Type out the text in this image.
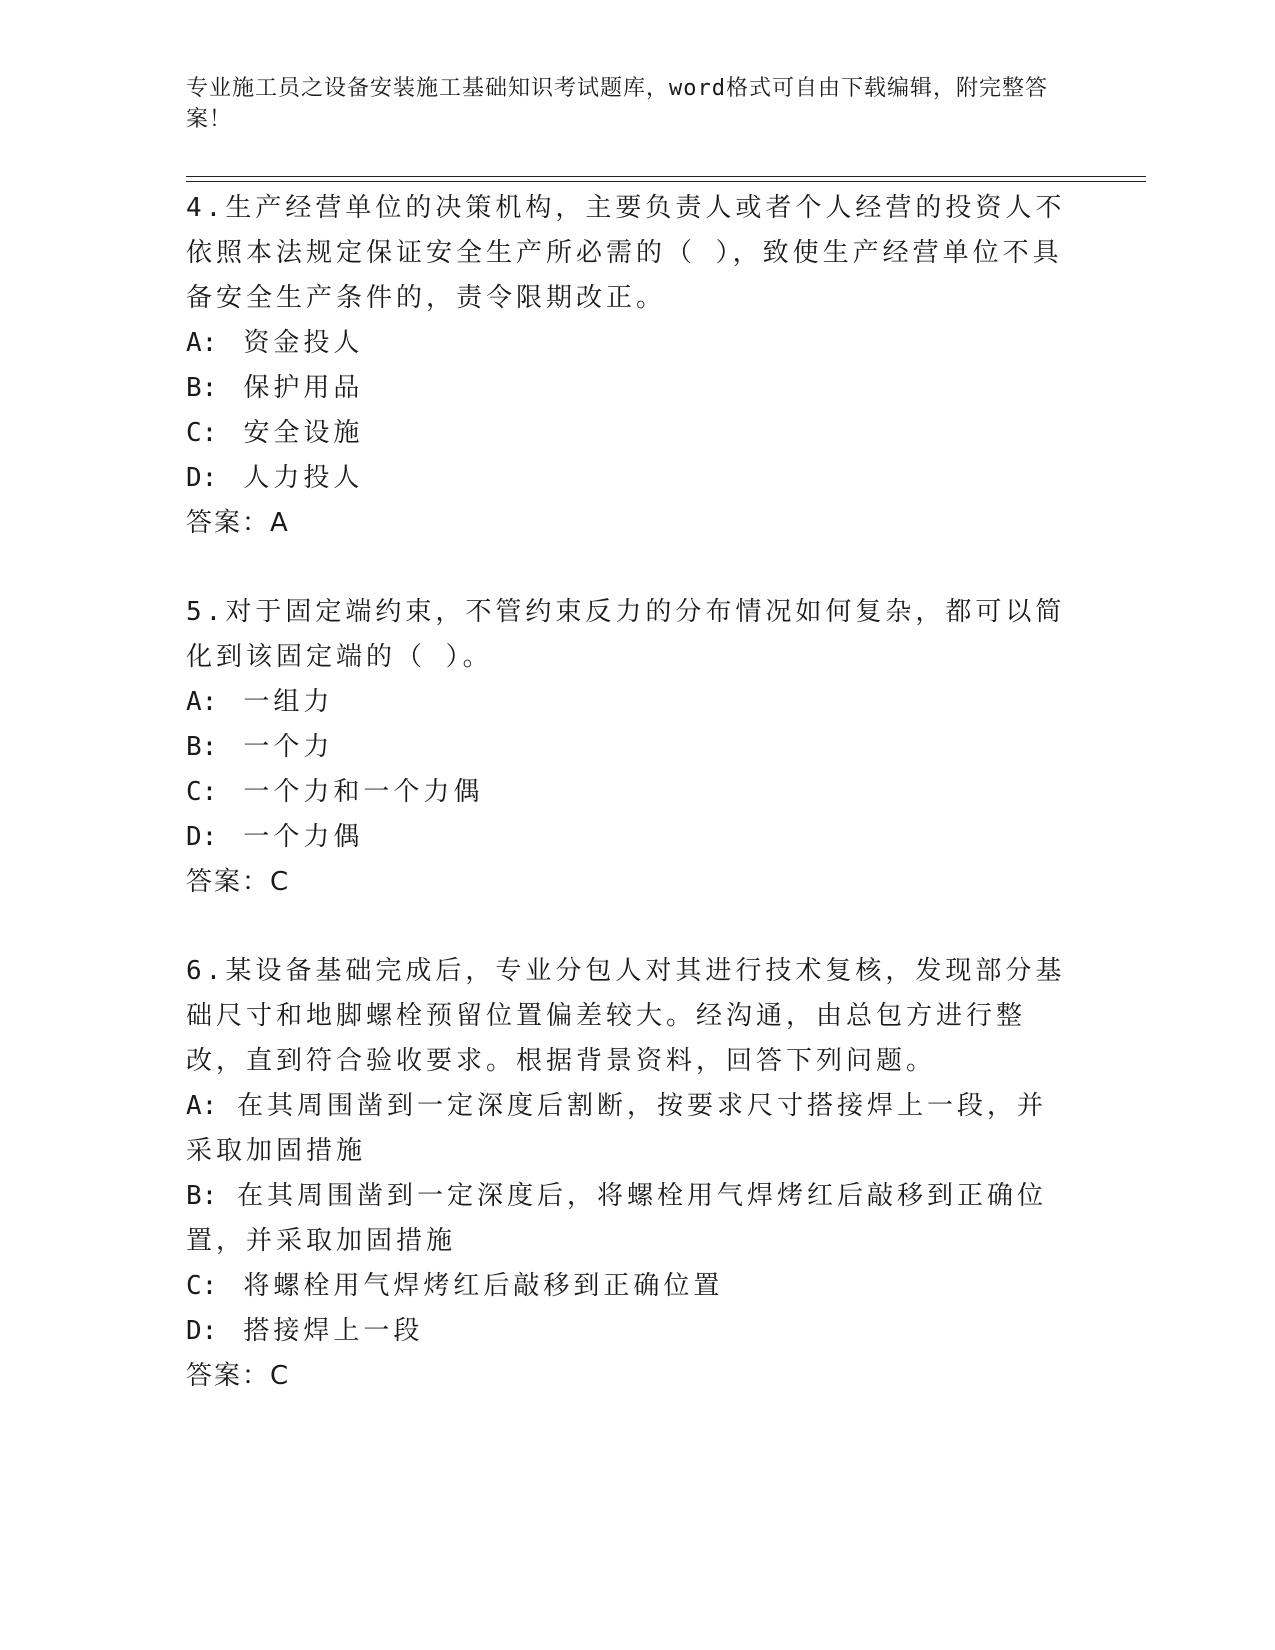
专业施工员之设备安装施工基础知识考试题库，word格式可自由下载编辑，附完整答案！

4.生产经营单位的决策机构，主要负责人或者个人经营的投资人不依照本法规定保证安全生产所必需的（ ），致使生产经营单位不具备安全生产条件的，责令限期改正。

A: 资金投人

B: 保护用品

C: 安全设施

D: 人力投人

答案：A

5.对于固定端约束，不管约束反力的分布情况如何复杂，都可以简化到该固定端的（ ）。

A: 一组力

B: 一个力

C: 一个力和一个力偶

D: 一个力偶

答案：C

6.某设备基础完成后，专业分包人对其进行技术复核，发现部分基础尺寸和地脚螺栓预留位置偏差较大。经沟通，由总包方进行整改，直到符合验收要求。根据背景资料，回答下列问题。

A: 在其周围凿到一定深度后割断，按要求尺寸搭接焊上一段，并采取加固措施

B: 在其周围凿到一定深度后，将螺栓用气焊烤红后敲移到正确位置，并采取加固措施

C: 将螺栓用气焊烤红后敲移到正确位置

D: 搭接焊上一段

答案：C
